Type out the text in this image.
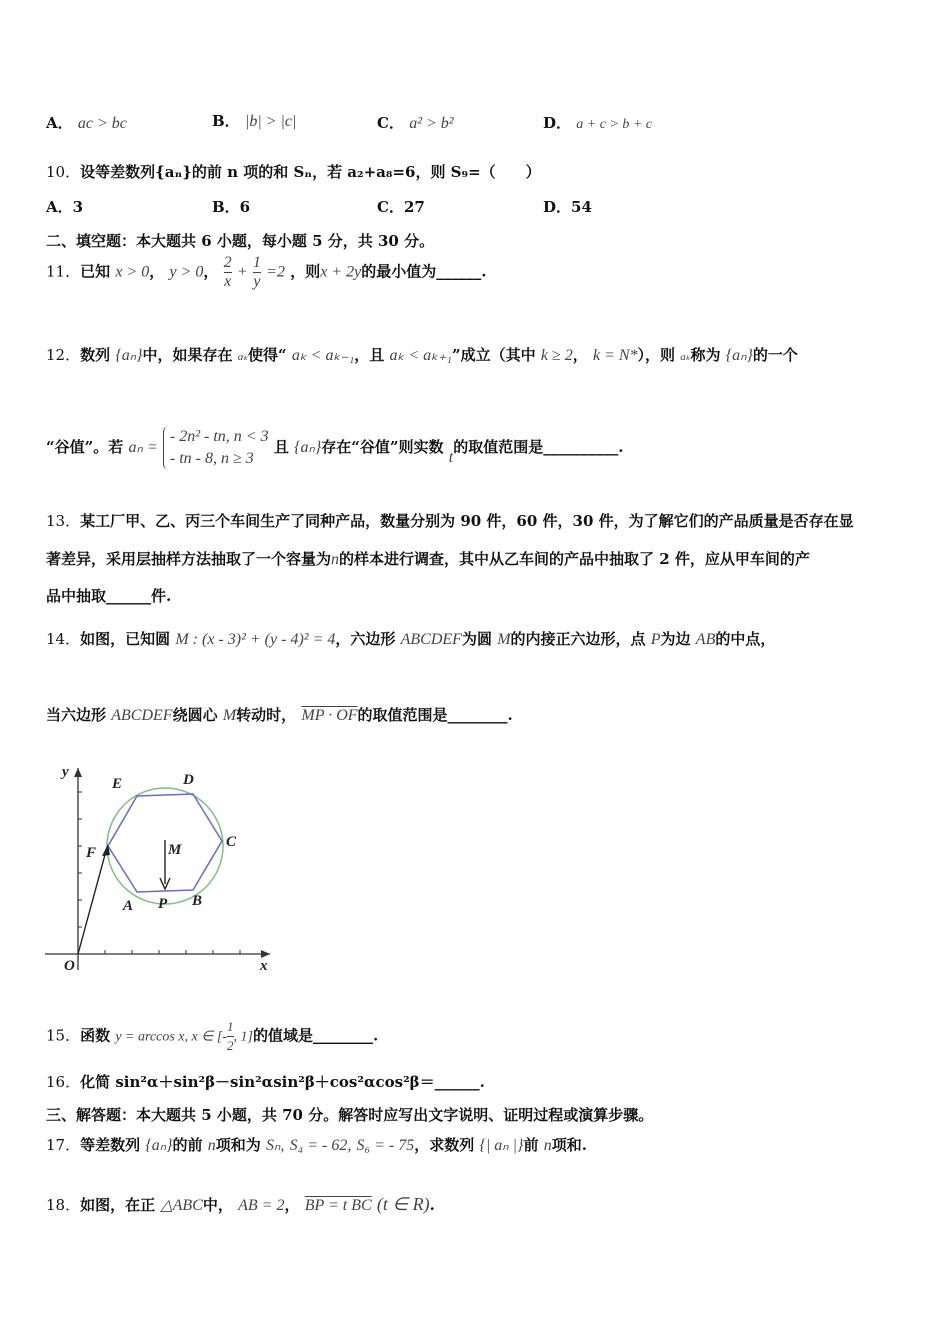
A． ac > bc	B． |b| > |c|	C． a² > b²	D． a + c > b + c
10．设等差数列{aₙ}的前 n 项的和 Sₙ，若 a₂+a₈=6，则 S₉=（　　）
A．3	B．6	C．27	D．54
二、填空题：本大题共 6 小题，每小题 5 分，共 30 分。
11．已知 x > 0， y > 0， $\frac{2}{x} + \frac{1}{y} =2$ ，则x + 2y的最小值为______.
12．数列 {aₙ}中，如果存在 aₖ使得“ aₖ < aₖ₋₁，且 aₖ < aₖ₊₁”成立（其中 k ≥ 2， k = N*），则 aₖ称为 {aₙ}的一个
“谷值”。若 aₙ =
- 2n² - tn, n < 3
- tn - 8, n ≥ 3
且 {aₙ}存在“谷值”则实数 t的取值范围是__________.
13．某工厂甲、乙、丙三个车间生产了同种产品，数量分别为 90 件，60 件，30 件，为了解它们的产品质量是否存在显
著差异，采用层抽样方法抽取了一个容量为n的样本进行调查，其中从乙车间的产品中抽取了 2 件，应从甲车间的产
品中抽取______件.
14．如图，已知圆 M : (x - 3)² + (y - 4)² = 4，六边形 ABCDEF为圆 M的内接正六边形，点 P为边 AB的中点，
当六边形 ABCDEF绕圆心 M转动时， MP · OF的取值范围是________.
y
x
O
E	D
C
B
P
A
F	M
15．函数 y = arccos x, x ∈ [- $\frac{1}{2}$ , 1]的值域是________.
16．化简 sin²α＋sin²β－sin²αsin²β＋cos²αcos²β＝______.
三、解答题：本大题共 5 小题，共 70 分。解答时应写出文字说明、证明过程或演算步骤。
17．等差数列 {aₙ}的前 n项和为 Sₙ, S₄ = - 62, S₆ = - 75，求数列 {| aₙ |}前 n项和.
18．如图，在正 △ABC中， AB = 2， BP = t BC (t ∈ R).
